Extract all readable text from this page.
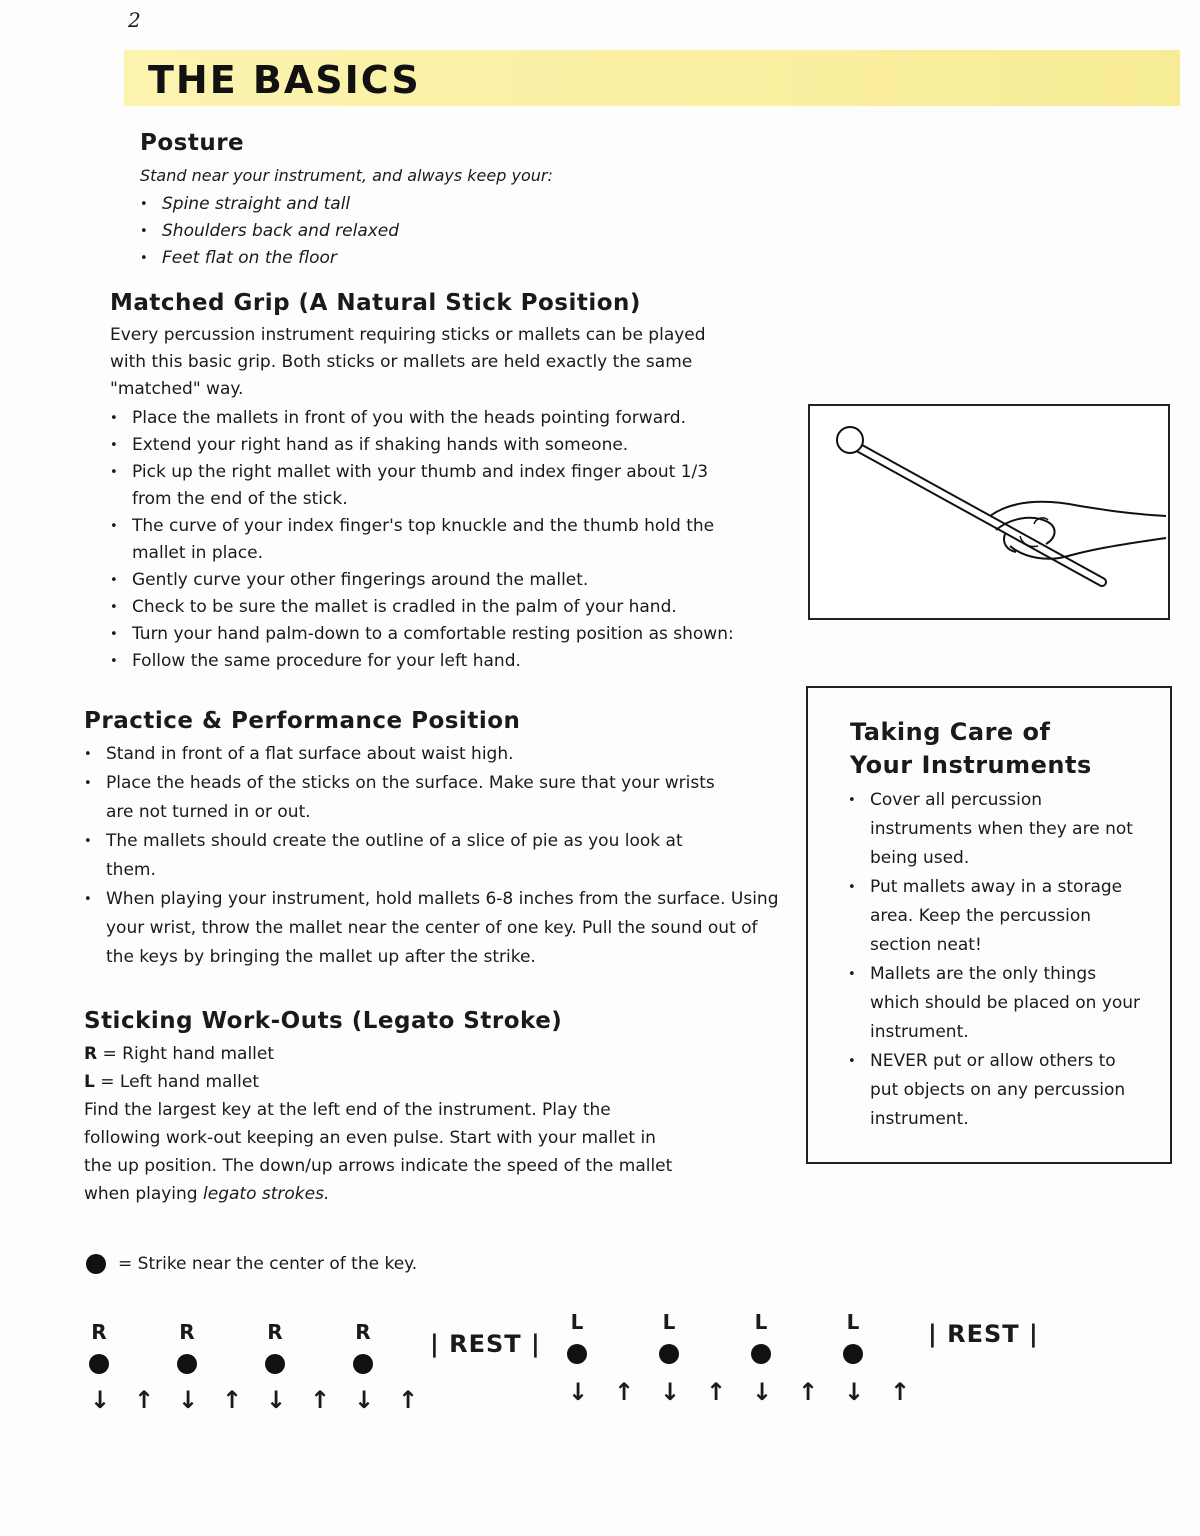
2
THE BASICS
Posture

Stand near your instrument, and always keep your:

• Spine straight and tall
• Shoulders back and relaxed
• Feet flat on the floor
Matched Grip (A Natural Stick Position)

Every percussion instrument requiring sticks or mallets can be played with this basic grip. Both sticks or mallets are held exactly the same "matched" way.

• Place the mallets in front of you with the heads pointing forward.
• Extend your right hand as if shaking hands with someone.
• Pick up the right mallet with your thumb and index finger about 1/3 from the end of the stick.
• The curve of your index finger's top knuckle and the thumb hold the mallet in place.
• Gently curve your other fingerings around the mallet.
• Check to be sure the mallet is cradled in the palm of your hand.
• Turn your hand palm-down to a comfortable resting position as shown:
• Follow the same procedure for your left hand.
Practice & Performance Position
• Stand in front of a flat surface about waist high.
• Place the heads of the sticks on the surface. Make sure that your wrists are not turned in or out.
• The mallets should create the outline of a slice of pie as you look at them.
• When playing your instrument, hold mallets 6-8 inches from the surface. Using your wrist, throw the mallet near the center of one key. Pull the sound out of the keys by bringing the mallet up after the strike.
Sticking Work-Outs (Legato Stroke)
R = Right hand mallet
L = Left hand mallet

Find the largest key at the left end of the instrument. Play the following work-out keeping an even pulse. Start with your mallet in the up position. The down/up arrows indicate the speed of the mallet when playing legato strokes.

Taking Care of
Your Instruments
• Cover all percussion instruments when they are not being used.
• Put mallets away in a storage area. Keep the percussion section neat!
• Mallets are the only things which should be placed on your instrument.
• NEVER put or allow others to put objects on any percussion instrument.
= Strike near the center of the key.
R	R	R	R
↓ ↑ ↓ ↑ ↓ ↑ ↓ ↑
| REST |
L	L	L	L
↓ ↑ ↓ ↑ ↓ ↑ ↓ ↑
| REST |
